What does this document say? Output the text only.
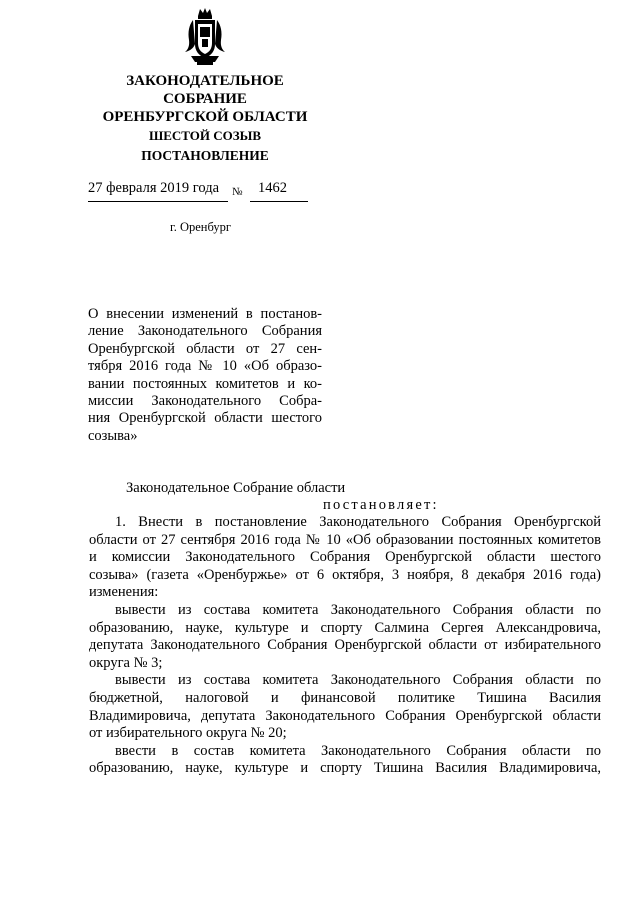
ЗАКОНОДАТЕЛЬНОЕ
СОБРАНИЕ
ОРЕНБУРГСКОЙ ОБЛАСТИ
ШЕСТОЙ СОЗЫВ
ПОСТАНОВЛЕНИЕ
27 февраля 2019 года № 1462
г. Оренбург
О внесении изменений в постанов-
ление Законодательного Собрания
Оренбургской области от 27 сен-
тября 2016 года № 10 «Об образо-
вании постоянных комитетов и ко-
миссии Законодательного Собра-
ния Оренбургской области шестого
созыва»
Законодательное Собрание области
постановляет:

1. Внести в постановление Законодательного Собрания Оренбургской
области от 27 сентября 2016 года № 10 «Об образовании постоянных комитетов
и комиссии Законодательного Собрания Оренбургской области шестого
созыва» (газета «Оренбуржье» от 6 октября, 3 ноября, 8 декабря 2016 года)
изменения:

вывести из состава комитета Законодательного Собрания области по
образованию, науке, культуре и спорту Салмина Сергея Александровича,
депутата Законодательного Собрания Оренбургской области от избирательного
округа № 3;

вывести из состава комитета Законодательного Собрания области по
бюджетной, налоговой и финансовой политике Тишина Василия
Владимировича, депутата Законодательного Собрания Оренбургской области
от избирательного округа № 20;

ввести в состав комитета Законодательного Собрания области по
образованию, науке, культуре и спорту Тишина Василия Владимировича,
